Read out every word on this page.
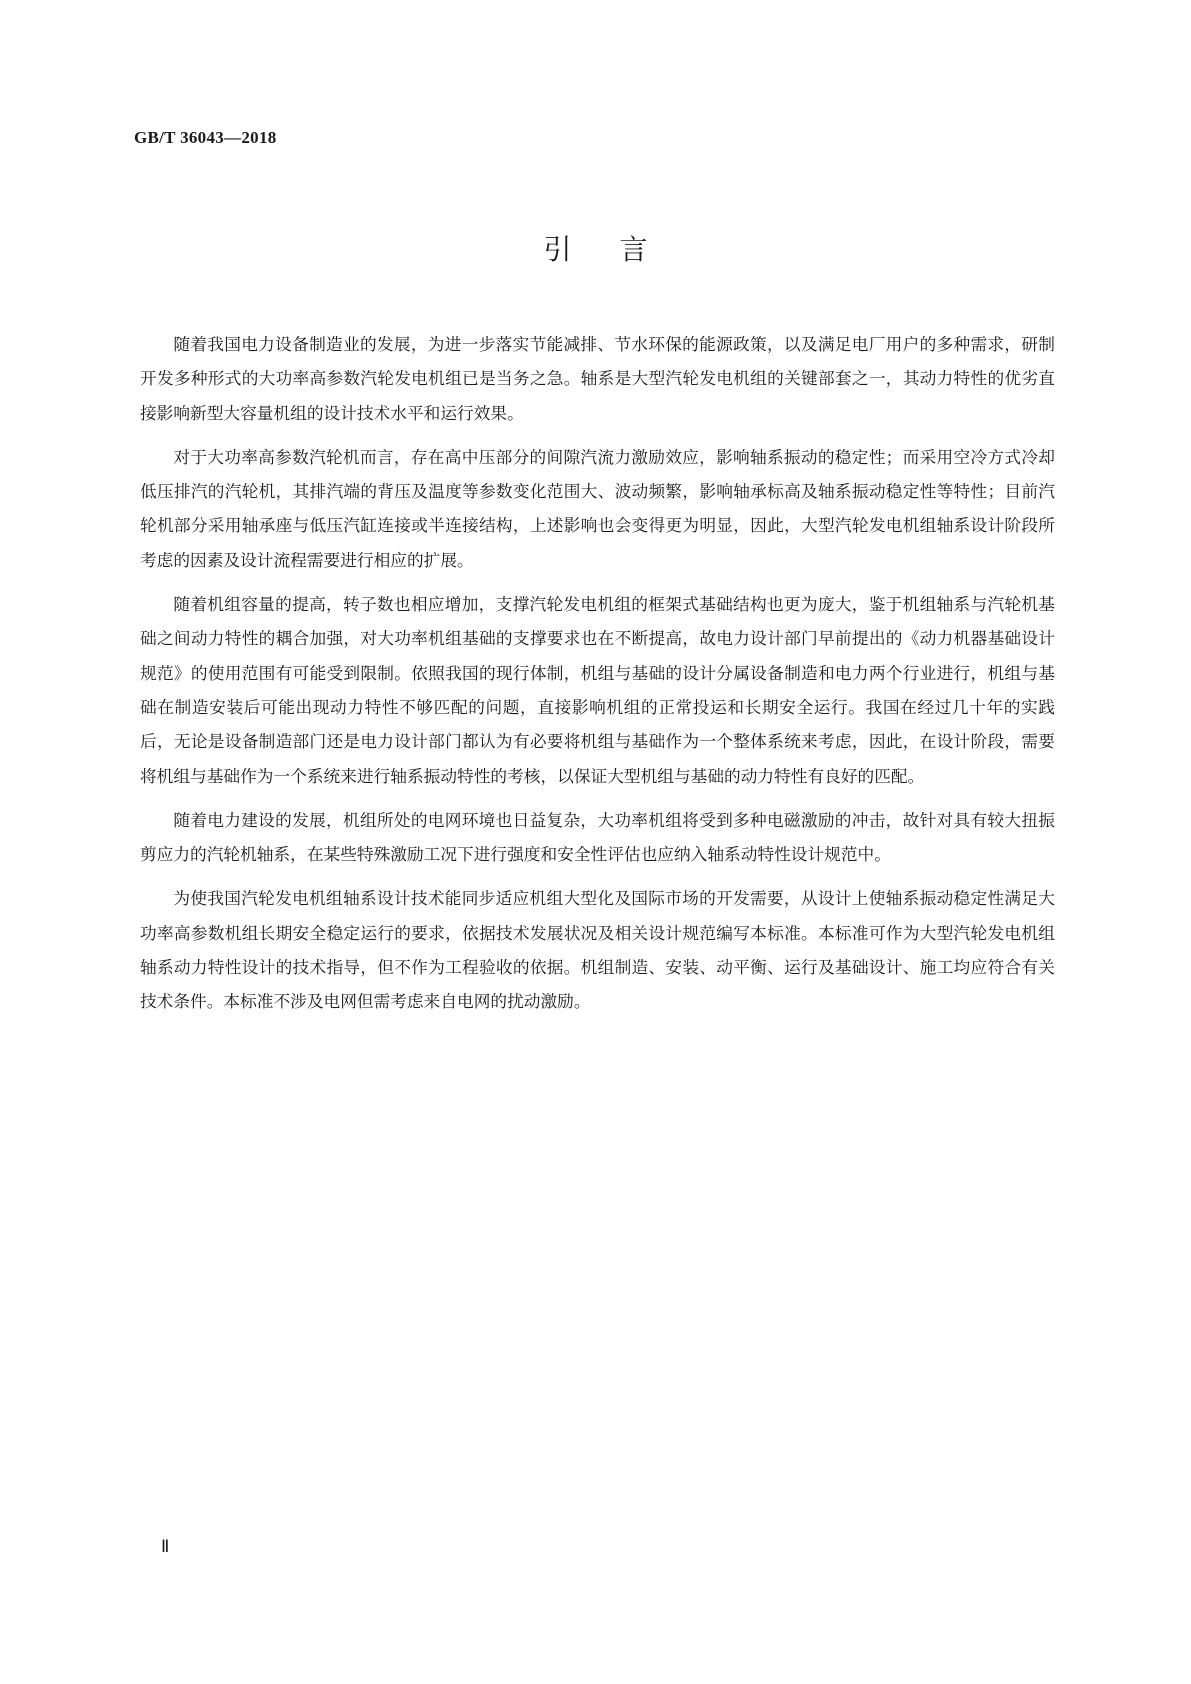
GB/T 36043—2018
引言

随着我国电力设备制造业的发展，为进一步落实节能减排、节水环保的能源政策，以及满足电厂用户的多种需求，研制开发多种形式的大功率高参数汽轮发电机组已是当务之急。轴系是大型汽轮发电机组的关键部套之一，其动力特性的优劣直接影响新型大容量机组的设计技术水平和运行效果。

对于大功率高参数汽轮机而言，存在高中压部分的间隙汽流力激励效应，影响轴系振动的稳定性；而采用空冷方式冷却低压排汽的汽轮机，其排汽端的背压及温度等参数变化范围大、波动频繁，影响轴承标高及轴系振动稳定性等特性；目前汽轮机部分采用轴承座与低压汽缸连接或半连接结构，上述影响也会变得更为明显，因此，大型汽轮发电机组轴系设计阶段所考虑的因素及设计流程需要进行相应的扩展。

随着机组容量的提高，转子数也相应增加，支撑汽轮发电机组的框架式基础结构也更为庞大，鉴于机组轴系与汽轮机基础之间动力特性的耦合加强，对大功率机组基础的支撑要求也在不断提高，故电力设计部门早前提出的《动力机器基础设计规范》的使用范围有可能受到限制。依照我国的现行体制，机组与基础的设计分属设备制造和电力两个行业进行，机组与基础在制造安装后可能出现动力特性不够匹配的问题，直接影响机组的正常投运和长期安全运行。我国在经过几十年的实践后，无论是设备制造部门还是电力设计部门都认为有必要将机组与基础作为一个整体系统来考虑，因此，在设计阶段，需要将机组与基础作为一个系统来进行轴系振动特性的考核，以保证大型机组与基础的动力特性有良好的匹配。

随着电力建设的发展，机组所处的电网环境也日益复杂，大功率机组将受到多种电磁激励的冲击，故针对具有较大扭振剪应力的汽轮机轴系，在某些特殊激励工况下进行强度和安全性评估也应纳入轴系动特性设计规范中。

为使我国汽轮发电机组轴系设计技术能同步适应机组大型化及国际市场的开发需要，从设计上使轴系振动稳定性满足大功率高参数机组长期安全稳定运行的要求，依据技术发展状况及相关设计规范编写本标准。本标准可作为大型汽轮发电机组轴系动力特性设计的技术指导，但不作为工程验收的依据。机组制造、安装、动平衡、运行及基础设计、施工均应符合有关技术条件。本标准不涉及电网但需考虑来自电网的扰动激励。

Ⅱ
